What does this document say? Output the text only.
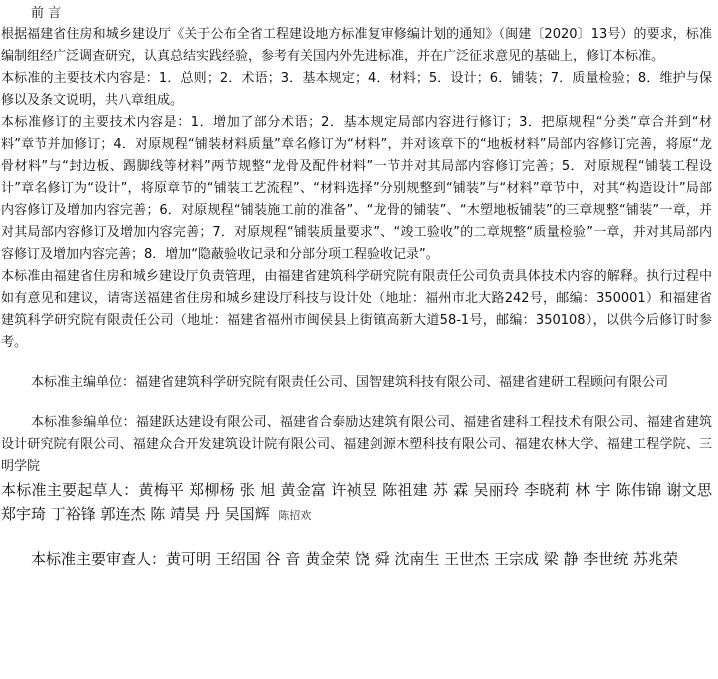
前 言

根据福建省住房和城乡建设厅《关于公布全省工程建设地方标准复审修编计划的通知》（闽建〔2020〕13号）的要求，标准编制组经广泛调查研究，认真总结实践经验，参考有关国内外先进标准，并在广泛征求意见的基础上，修订本标准。

本标准的主要技术内容是：1．总则；2．术语；3．基本规定；4．材料；5．设计；6．铺装；7．质量检验；8．维护与保修以及条文说明，共八章组成。

本标准修订的主要技术内容是：1．增加了部分术语；2．基本规定局部内容进行修订；3．把原规程“分类”章合并到“材料”章节并加修订；4．对原规程“铺装材料质量”章名修订为“材料”，并对该章下的“地板材料”局部内容修订完善，将原“龙骨材料”与“封边板、踢脚线等材料”两节规整“龙骨及配件材料”一节并对其局部内容修订完善；5．对原规程“铺装工程设计”章名修订为“设计”，将原章节的“铺装工艺流程”、“材料选择”分别规整到“铺装”与“材料”章节中，对其“构造设计”局部内容修订及增加内容完善；6．对原规程“铺装施工前的准备”、“龙骨的铺装”、“木塑地板铺装”的三章规整“铺装”一章，并对其局部内容修订及增加内容完善；7．对原规程“铺装质量要求”、“竣工验收”的二章规整“质量检验”一章，并对其局部内容修订及增加内容完善；8．增加“隐蔽验收记录和分部分项工程验收记录”。

本标准由福建省住房和城乡建设厅负责管理，由福建省建筑科学研究院有限责任公司负责具体技术内容的解释。执行过程中如有意见和建议，请寄送福建省住房和城乡建设厅科技与设计处（地址：福州市北大路242号，邮编：350001）和福建省建筑科学研究院有限责任公司（地址：福建省福州市闽侯县上街镇高新大道58-1号，邮编：350108），以供今后修订时参考。

本标准主编单位：福建省建筑科学研究院有限责任公司、国智建筑科技有限公司、福建省建研工程顾问有限公司

本标准参编单位：福建跃达建设有限公司、福建省合泰励达建筑有限公司、福建省建科工程技术有限公司、福建省建筑设计研究院有限公司、福建众合开发建筑设计院有限公司、福建剑源木塑科技有限公司、福建农林大学、福建工程学院、三明学院

本标准主要起草人：黄梅平 郑柳杨 张 旭 黄金富 许祯昱 陈祖建 苏 霖 吴丽玲 李晓莉 林 宇 陈伟锦 谢文思 郑宇琦 丁裕锋 郭连杰 陈 靖昊 丹 吴国辉 陈招欢

本标准主要审查人：黄可明 王绍国 谷 音 黄金荣 饶 舜 沈南生 王世杰 王宗成 梁 静 李世统 苏兆荣
